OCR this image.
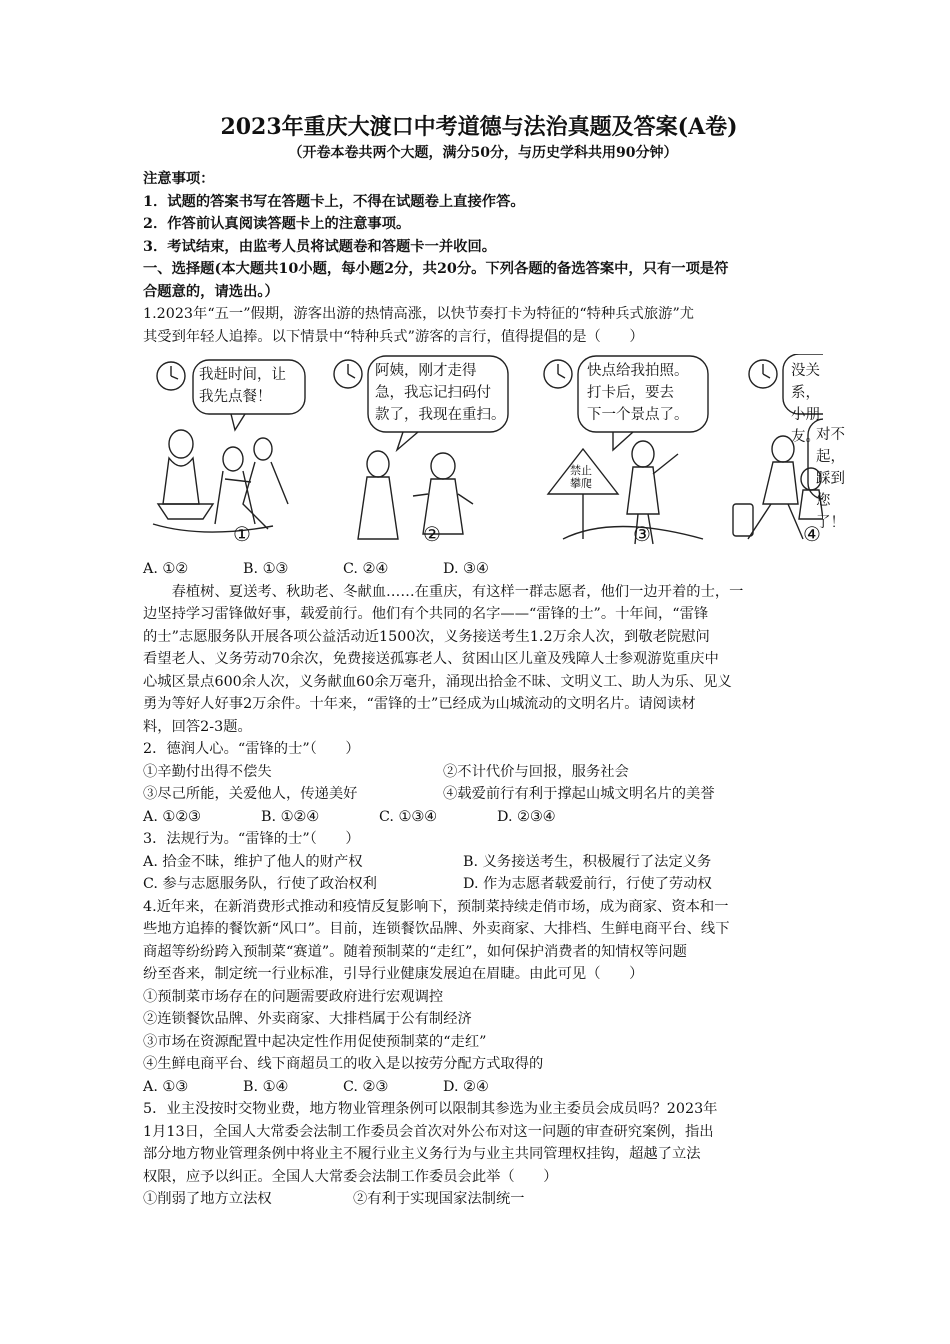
2023年重庆大渡口中考道德与法治真题及答案(A卷)
（开卷本卷共两个大题，满分50分，与历史学科共用90分钟）
注意事项：
1．试题的答案书写在答题卡上，不得在试题卷上直接作答。
2．作答前认真阅读答题卡上的注意事项。
3．考试结束，由监考人员将试题卷和答题卡一并收回。
一、选择题(本大题共10小题，每小题2分，共20分。下列各题的备选答案中，只有一项是符
合题意的，请选出。）
1.2023年“五一”假期，游客出游的热情高涨，以快节奏打卡为特征的“特种兵式旅游”尤
其受到年轻人追捧。以下情景中“特种兵式”游客的言行，值得提倡的是（　　）
我赶时间，让
我先点餐！
阿姨，刚才走得
急，我忘记扫码付
款了，我现在重扫。
快点给我拍照。
打卡后，要去
下一个景点了。
禁止
攀爬
没关系，
小朋友。
对不起，
踩到您
了！
①	②	③	④
A. ①②	B. ①③	C. ②④	D. ③④
春植树、夏送考、秋助老、冬献血……在重庆，有这样一群志愿者，他们一边开着的士，一
边坚持学习雷锋做好事，载爱前行。他们有个共同的名字——“雷锋的士”。十年间，“雷锋
的士”志愿服务队开展各项公益活动近1500次，义务接送考生1.2万余人次，到敬老院慰问
看望老人、义务劳动70余次，免费接送孤寡老人、贫困山区儿童及残障人士参观游览重庆中
心城区景点600余人次，义务献血60余万毫升，涌现出拾金不昧、文明义工、助人为乐、见义
勇为等好人好事2万余件。十年来，“雷锋的士”已经成为山城流动的文明名片。请阅读材
料，回答2-3题。
2．德润人心。“雷锋的士”（　　）
①辛勤付出得不偿失	②不计代价与回报，服务社会
③尽己所能，关爱他人，传递美好	④载爱前行有利于撑起山城文明名片的美誉
A. ①②③	B. ①②④	C. ①③④	D. ②③④
3．法规行为。“雷锋的士”（　　）
A. 拾金不昧，维护了他人的财产权	B. 义务接送考生，积极履行了法定义务
C. 参与志愿服务队，行使了政治权利	D. 作为志愿者载爱前行，行使了劳动权
4.近年来，在新消费形式推动和疫情反复影响下，预制菜持续走俏市场，成为商家、资本和一
些地方追捧的餐饮新“风口”。目前，连锁餐饮品牌、外卖商家、大排档、生鲜电商平台、线下
商超等纷纷跨入预制菜“赛道”。随着预制菜的“走红”，如何保护消费者的知情权等问题
纷至沓来，制定统一行业标准，引导行业健康发展迫在眉睫。由此可见（　　）
①预制菜市场存在的问题需要政府进行宏观调控
②连锁餐饮品牌、外卖商家、大排档属于公有制经济
③市场在资源配置中起决定性作用促使预制菜的“走红”
④生鲜电商平台、线下商超员工的收入是以按劳分配方式取得的
A. ①③	B. ①④	C. ②③	D. ②④
5．业主没按时交物业费，地方物业管理条例可以限制其参选为业主委员会成员吗？2023年
1月13日，全国人大常委会法制工作委员会首次对外公布对这一问题的审查研究案例，指出
部分地方物业管理条例中将业主不履行业主义务行为与业主共同管理权挂钩，超越了立法
权限，应予以纠正。全国人大常委会法制工作委员会此举（　　）
①削弱了地方立法权	②有利于实现国家法制统一
